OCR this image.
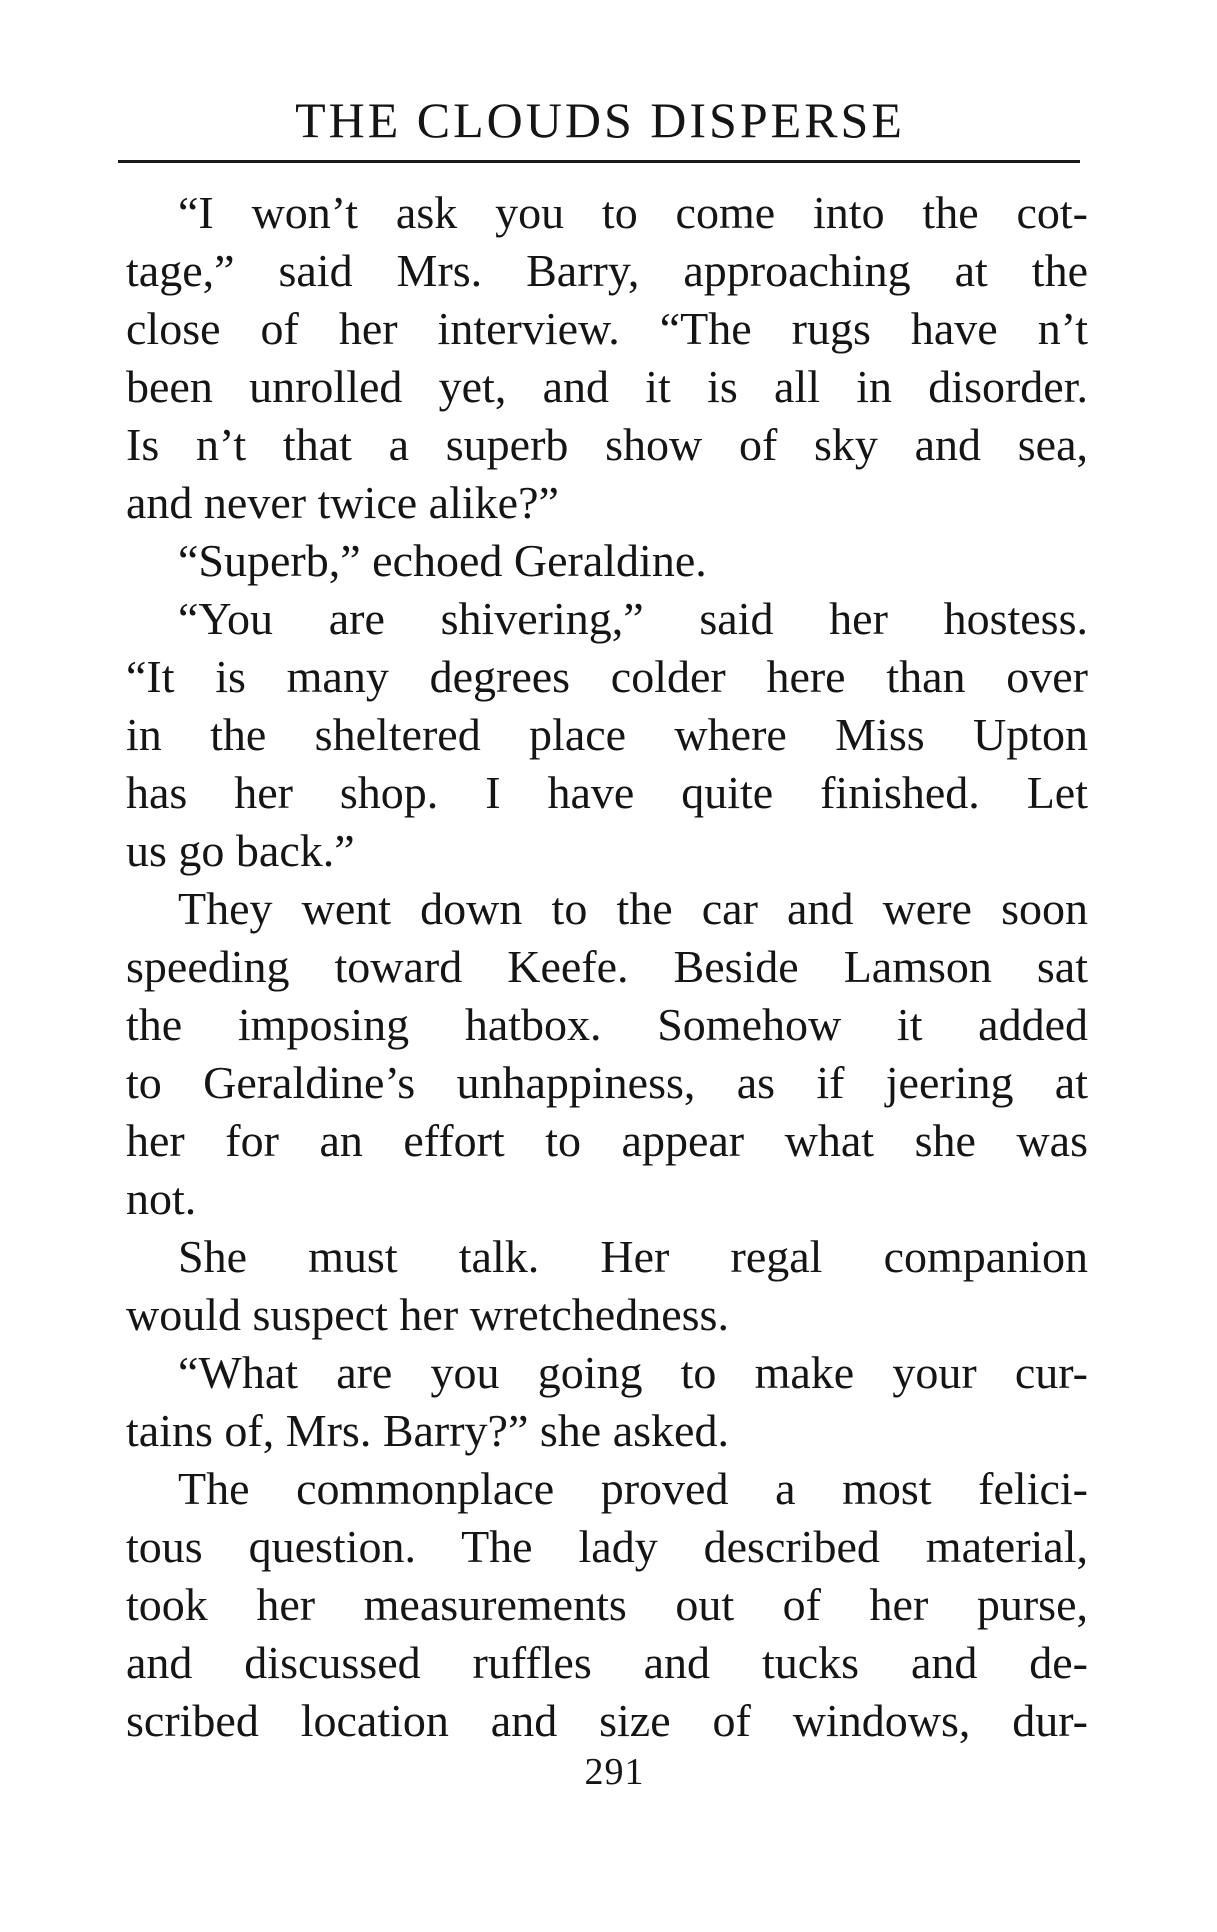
THE CLOUDS DISPERSE
“I won’t ask you to come into the cot-
tage,” said Mrs. Barry, approaching at the
close of her interview. “The rugs have n’t
been unrolled yet, and it is all in disorder.
Is n’t that a superb show of sky and sea,
and never twice alike?”
“Superb,” echoed Geraldine.
“You are shivering,” said her hostess.
“It is many degrees colder here than over
in the sheltered place where Miss Upton
has her shop. I have quite finished. Let
us go back.”
They went down to the car and were soon
speeding toward Keefe. Beside Lamson sat
the imposing hatbox. Somehow it added
to Geraldine’s unhappiness, as if jeering at
her for an effort to appear what she was
not.
She must talk. Her regal companion
would suspect her wretchedness.
“What are you going to make your cur-
tains of, Mrs. Barry?” she asked.
The commonplace proved a most felici-
tous question. The lady described material,
took her measurements out of her purse,
and discussed ruffles and tucks and de-
scribed location and size of windows, dur-
291
